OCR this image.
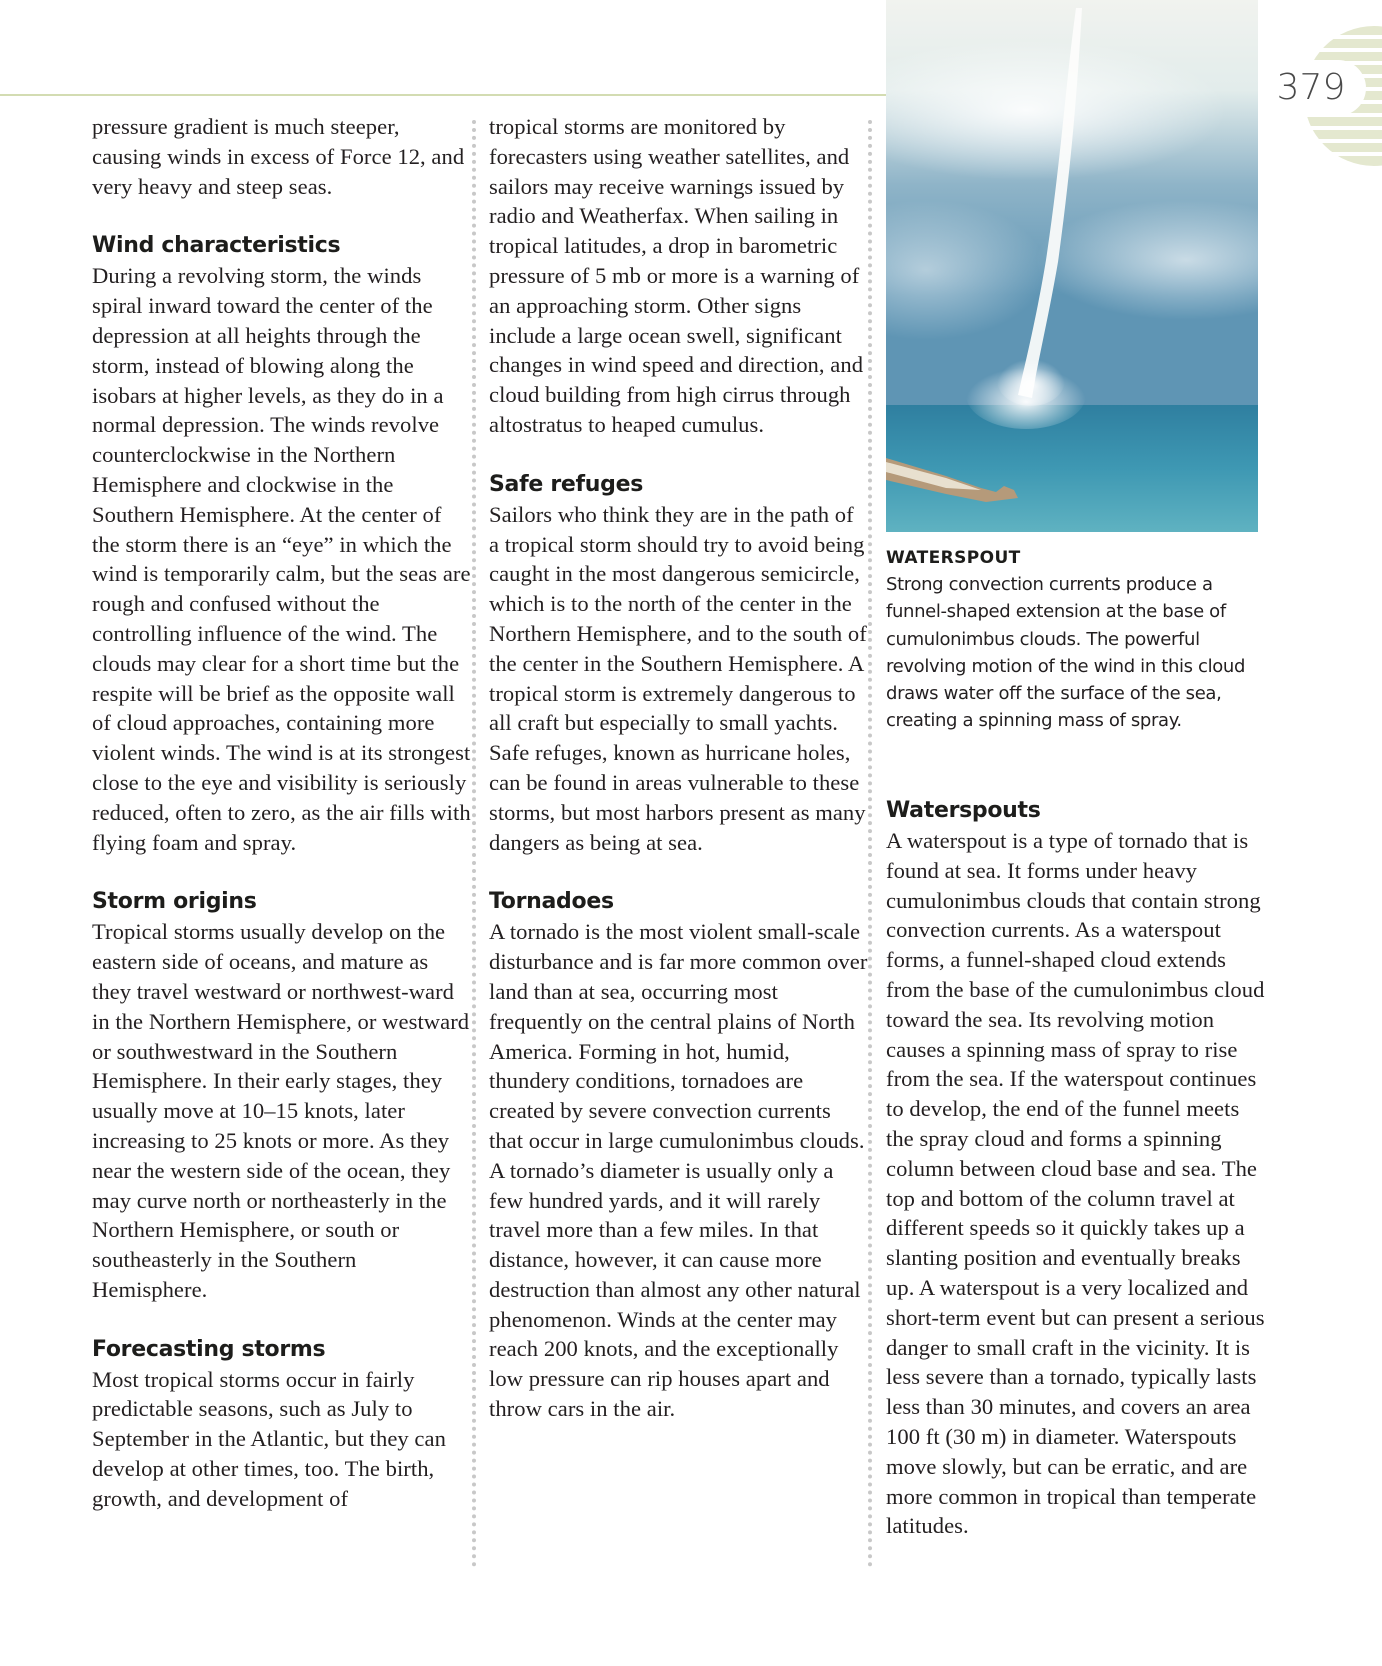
379

pressure gradient is much steeper, causing winds in excess of Force 12, and very heavy and steep seas.

Wind characteristics

During a revolving storm, the winds spiral inward toward the center of the depression at all heights through the storm, instead of blowing along the isobars at higher levels, as they do in a normal depression. The winds revolve counterclockwise in the Northern Hemisphere and clockwise in the Southern Hemisphere. At the center of the storm there is an “eye” in which the wind is temporarily calm, but the seas are rough and confused without the controlling influence of the wind. The clouds may clear for a short time but the respite will be brief as the opposite wall of cloud approaches, containing more violent winds. The wind is at its strongest close to the eye and visibility is seriously reduced, often to zero, as the air fills with flying foam and spray.

Storm origins

Tropical storms usually develop on the eastern side of oceans, and mature as they travel westward or northwest-ward in the Northern Hemisphere, or westward or southwestward in the Southern Hemisphere. In their early stages, they usually move at 10–15 knots, later increasing to 25 knots or more. As they near the western side of the ocean, they may curve north or northeasterly in the Northern Hemisphere, or south or southeasterly in the Southern Hemisphere.

Forecasting storms

Most tropical storms occur in fairly predictable seasons, such as July to September in the Atlantic, but they can develop at other times, too. The birth, growth, and development of

tropical storms are monitored by forecasters using weather satellites, and sailors may receive warnings issued by radio and Weatherfax. When sailing in tropical latitudes, a drop in barometric pressure of 5 mb or more is a warning of an approaching storm. Other signs include a large ocean swell, significant changes in wind speed and direction, and cloud building from high cirrus through altostratus to heaped cumulus.

Safe refuges

Sailors who think they are in the path of a tropical storm should try to avoid being caught in the most dangerous semicircle, which is to the north of the center in the Northern Hemisphere, and to the south of the center in the Southern Hemisphere. A tropical storm is extremely dangerous to all craft but especially to small yachts. Safe refuges, known as hurricane holes, can be found in areas vulnerable to these storms, but most harbors present as many dangers as being at sea.

Tornadoes

A tornado is the most violent small-scale disturbance and is far more common over land than at sea, occurring most frequently on the central plains of North America. Forming in hot, humid, thundery conditions, tornadoes are created by severe convection currents that occur in large cumulonimbus clouds. A tornado’s diameter is usually only a few hundred yards, and it will rarely travel more than a few miles. In that distance, however, it can cause more destruction than almost any other natural phenomenon. Winds at the center may reach 200 knots, and the exceptionally low pressure can rip houses apart and throw cars in the air.

WATERSPOUT
Strong convection currents produce a funnel-shaped extension at the base of cumulonimbus clouds. The powerful revolving motion of the wind in this cloud draws water off the surface of the sea, creating a spinning mass of spray.
Waterspouts

A waterspout is a type of tornado that is found at sea. It forms under heavy cumulonimbus clouds that contain strong convection currents. As a waterspout forms, a funnel-shaped cloud extends from the base of the cumulonimbus cloud toward the sea. Its revolving motion causes a spinning mass of spray to rise from the sea. If the waterspout continues to develop, the end of the funnel meets the spray cloud and forms a spinning column between cloud base and sea. The top and bottom of the column travel at different speeds so it quickly takes up a slanting position and eventually breaks up. A waterspout is a very localized and short-term event but can present a serious danger to small craft in the vicinity. It is less severe than a tornado, typically lasts less than 30 minutes, and covers an area 100 ft (30 m) in diameter. Waterspouts move slowly, but can be erratic, and are more common in tropical than temperate latitudes.
